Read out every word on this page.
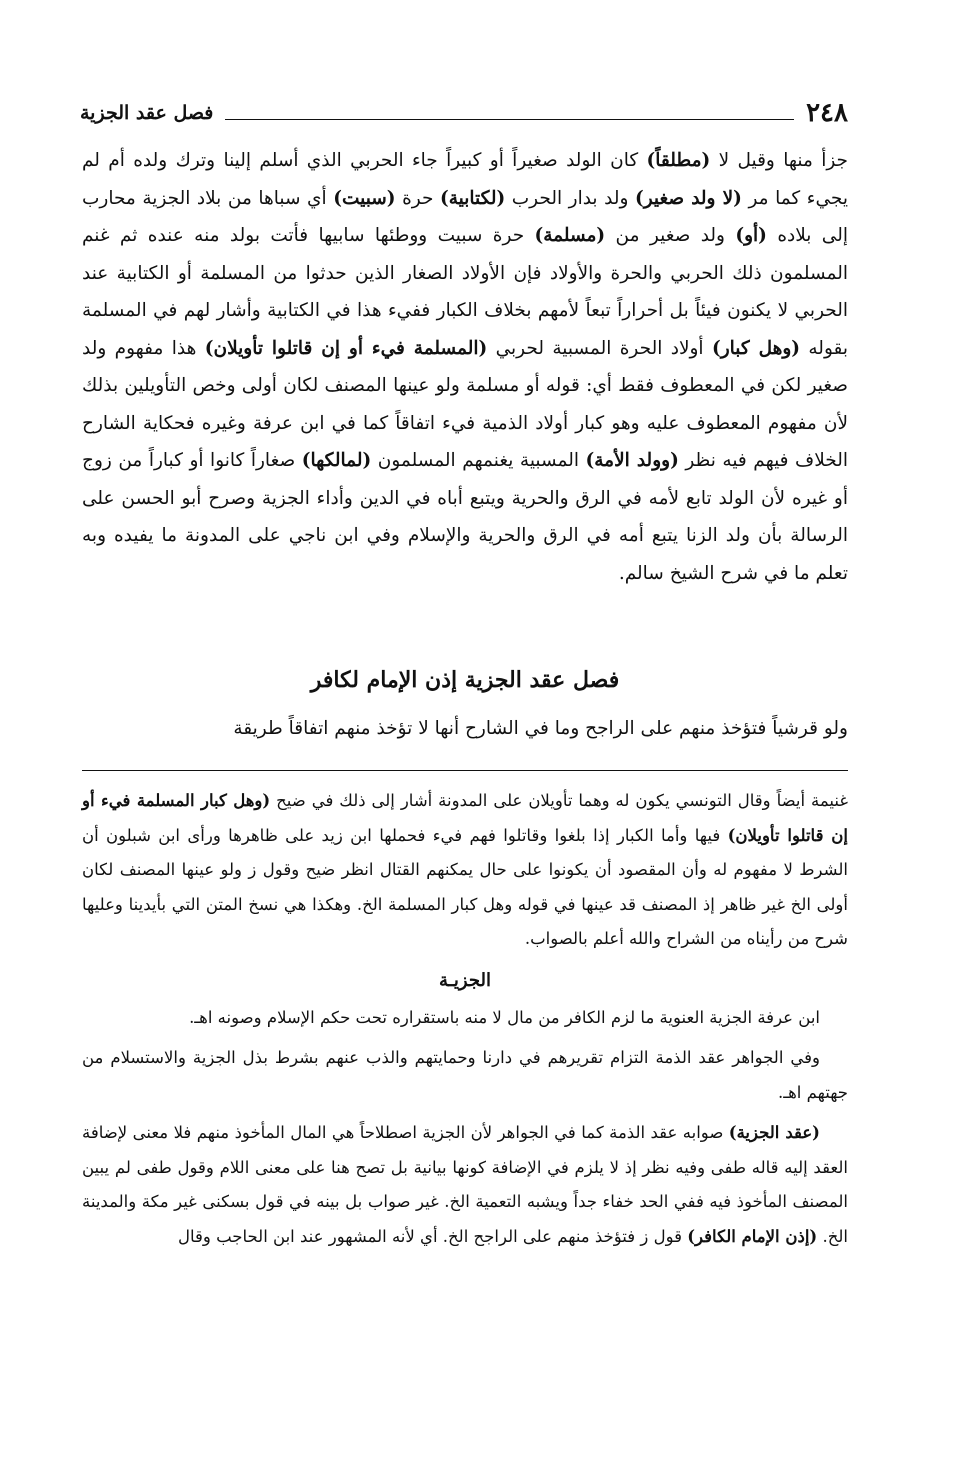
٢٤٨
فصل عقد الجزية

جزأ منها وقيل لا (مطلقاً) كان الولد صغيراً أو كبيراً جاء الحربي الذي أسلم إلينا وترك ولده أم لم يجيء كما مر (لا ولد صغير) ولد بدار الحرب (لكتابية) حرة (سبيت) أي سباها من بلاد الجزية محارب إلى بلاده (أو) ولد صغير من (مسلمة) حرة سبيت ووطئها سابيها فأتت بولد منه عنده ثم غنم المسلمون ذلك الحربي والحرة والأولاد فإن الأولاد الصغار الذين حدثوا من المسلمة أو الكتابية عند الحربي لا يكنون فيئاً بل أحراراً تبعاً لأمهم بخلاف الكبار ففيء هذا في الكتابية وأشار لهم في المسلمة بقوله (وهل كبار) أولاد الحرة المسبية لحربي (المسلمة فيء أو إن قاتلوا تأويلان) هذا مفهوم ولد صغير لكن في المعطوف فقط أي: قوله أو مسلمة ولو عينها المصنف لكان أولى وخص التأويلين بذلك لأن مفهوم المعطوف عليه وهو كبار أولاد الذمية فيء اتفاقاً كما في ابن عرفة وغيره فحكاية الشارح الخلاف فيهم فيه نظر (وولد الأمة) المسبية يغنمهم المسلمون (لمالكها) صغاراً كانوا أو كباراً من زوج أو غيره لأن الولد تابع لأمه في الرق والحرية ويتبع أباه في الدين وأداء الجزية وصرح أبو الحسن على الرسالة بأن ولد الزنا يتبع أمه في الرق والحرية والإسلام وفي ابن ناجي على المدونة ما يفيده وبه تعلم ما في شرح الشيخ سالم.

فصل عقد الجزية إذن الإمام لكافر

ولو قرشياً فتؤخذ منهم على الراجح وما في الشارح أنها لا تؤخذ منهم اتفاقاً طريقة

غنيمة أيضاً وقال التونسي يكون له وهما تأويلان على المدونة أشار إلى ذلك في ضيح (وهل كبار المسلمة فيء أو إن قاتلوا تأويلان) فيها وأما الكبار إذا بلغوا وقاتلوا فهم فيء فحملها ابن زيد على ظاهرها ورأى ابن شبلون أن الشرط لا مفهوم له وأن المقصود أن يكونوا على حال يمكنهم القتال انظر ضيح وقول ز ولو عينها المصنف لكان أولى الخ غير ظاهر إذ المصنف قد عينها في قوله وهل كبار المسلمة الخ. وهكذا هي نسخ المتن التي بأيدينا وعليها شرح من رأيناه من الشراح والله أعلم بالصواب.

الجزيـة

ابن عرفة الجزية العنوية ما لزم الكافر من مال لا منه باستقراره تحت حكم الإسلام وصونه اهـ.

وفي الجواهر عقد الذمة التزام تقريرهم في دارنا وحمايتهم والذب عنهم بشرط بذل الجزية والاستسلام من جهتهم اهـ.

(عقد الجزية) صوابه عقد الذمة كما في الجواهر لأن الجزية اصطلاحاً هي المال المأخوذ منهم فلا معنى لإضافة العقد إليه قاله طفى وفيه نظر إذ لا يلزم في الإضافة كونها بيانية بل تصح هنا على معنى اللام وقول طفى لم يبين المصنف المأخوذ فيه ففي الحد خفاء جداً ويشبه التعمية الخ. غير صواب بل بينه في قول بسكنى غير مكة والمدينة الخ. (إذن الإمام الكافر) قول ز فتؤخذ منهم على الراجح الخ. أي لأنه المشهور عند ابن الحاجب وقال
